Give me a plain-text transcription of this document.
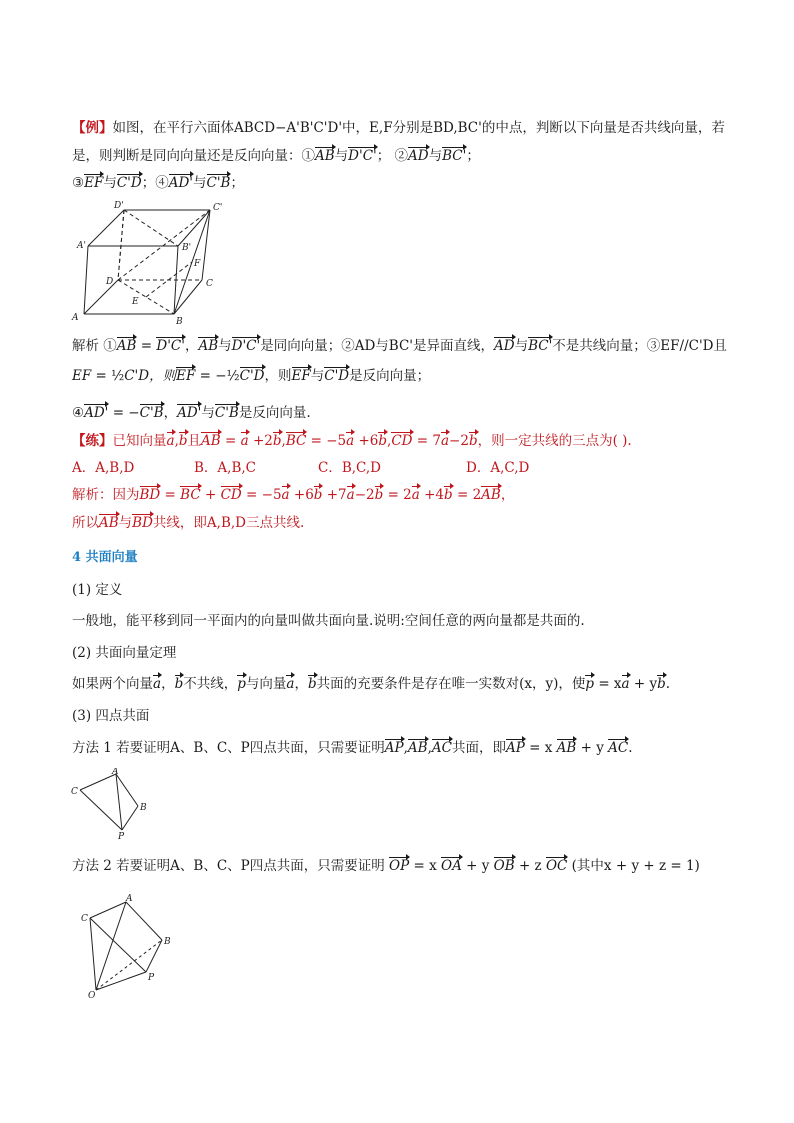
【例】如图，在平行六面体ABCD−A'B'C'D'中，E,F分别是BD,BC'的中点，判断以下向量是否共线向量，若
是，则判断是同向向量还是反向向量：①AB与D'C'； ②AD与BC'；
③EF与C'D；④AD'与C'B；
D'	C'
A'	B'
D	C
F
E
A	B
解析 ①AB = D'C'，AB与D'C'是同向向量；②AD与BC'是异面直线，AD与BC'不是共线向量；③EF//C'D且
EF = ½C'D，则EF = −½C'D，则EF与C'D是反向向量；
④AD' = −C'B，AD'与C'B是反向向量.
【练】已知向量a,b且AB = a +2b,BC = −5a +6b,CD = 7a−2b，则一定共线的三点为( ).
A．A,B,D	B．A,B,C	C．B,C,D	D．A,C,D
解析：因为BD = BC + CD = −5a +6b +7a−2b = 2a +4b = 2AB，
所以AB与BD共线，即A,B,D三点共线.
4 共面向量
(1) 定义
一般地，能平移到同一平面内的向量叫做共面向量.说明:空间任意的两向量都是共面的.
(2) 共面向量定理
如果两个向量a，b不共线，p与向量a，b共面的充要条件是存在唯一实数对(x，y)，使p = xa + yb.
(3) 四点共面
方法 1 若要证明A、B、C、P四点共面，只需要证明AP,AB,AC共面，即AP = x AB + y AC.
A
C
B
P
方法 2 若要证明A、B、C、P四点共面，只需要证明 OP = x OA + y OB + z OC (其中x + y + z = 1)
A
C
B
P
O
